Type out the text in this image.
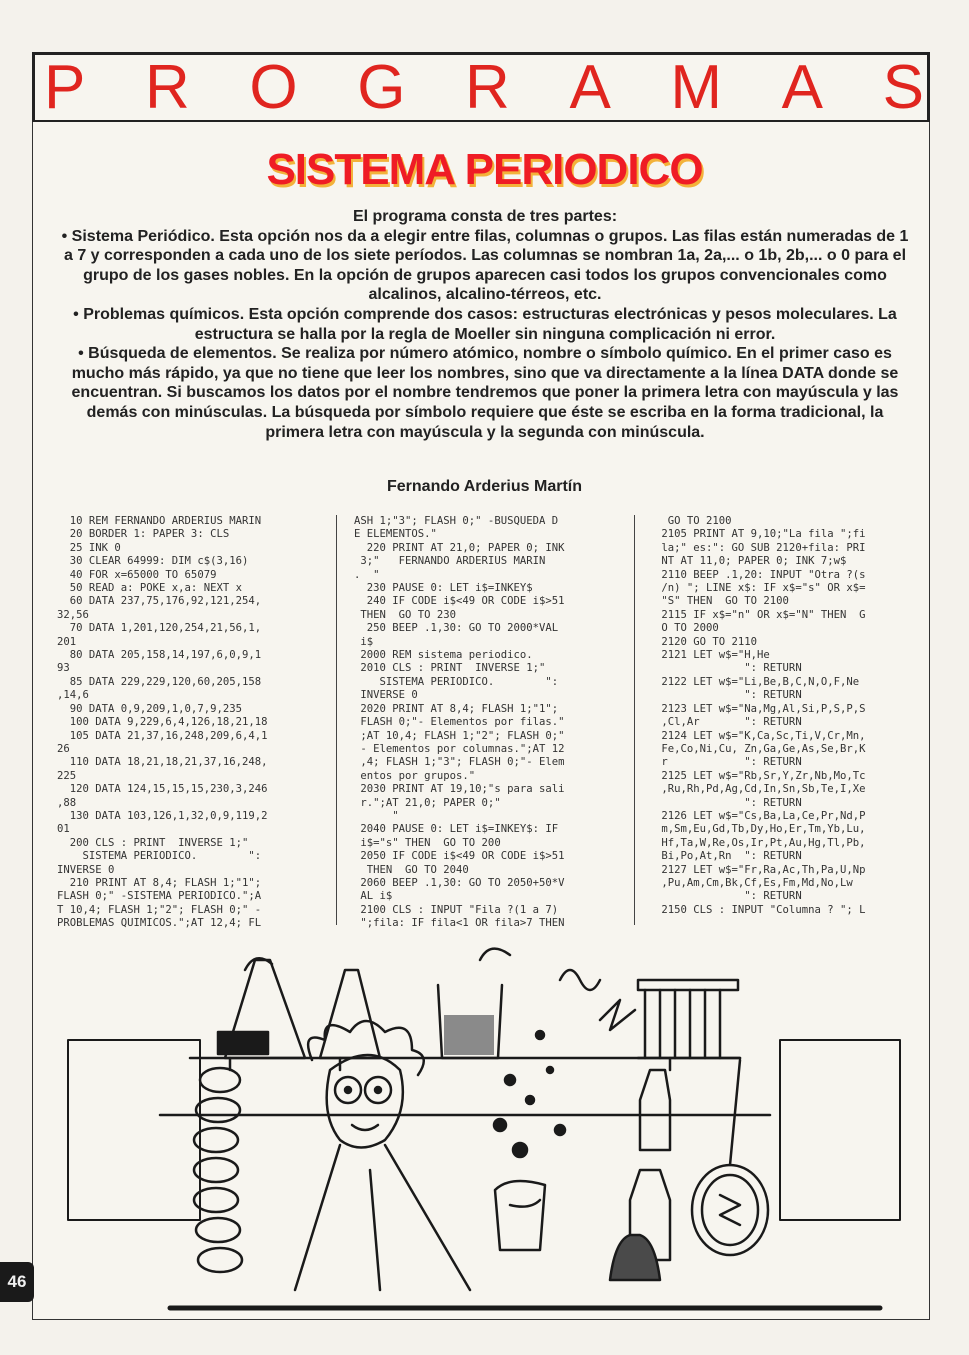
P R O G R A M A S
SISTEMA PERIODICO

El programa consta de tres partes:

• Sistema Periódico. Esta opción nos da a elegir entre filas, columnas o grupos. Las filas están numeradas de 1 a 7 y corresponden a cada uno de los siete períodos. Las columnas se nombran 1a, 2a,... o 1b, 2b,... o 0 para el grupo de los gases nobles. En la opción de grupos aparecen casi todos los grupos convencionales como alcalinos, alcalino-térreos, etc.

• Problemas químicos. Esta opción comprende dos casos: estructuras electrónicas y pesos moleculares. La estructura se halla por la regla de Moeller sin ninguna complicación ni error.

• Búsqueda de elementos. Se realiza por número atómico, nombre o símbolo químico. En el primer caso es mucho más rápido, ya que no tiene que leer los nombres, sino que va directamente a la línea DATA donde se encuentran. Si buscamos los datos por el nombre tendremos que poner la primera letra con mayúscula y las demás con minúsculas. La búsqueda por símbolo requiere que éste se escriba en la forma tradicional, la primera letra con mayúscula y la segunda con minúscula.

Fernando Arderius Martín
10 REM FERNANDO ARDERIUS MARIN
20 BORDER 1: PAPER 3: CLS
25 INK 0
30 CLEAR 64999: DIM c$(3,16)
40 FOR x=65000 TO 65079
50 READ a: POKE x,a: NEXT x
60 DATA 237,75,176,92,121,254,
32,56
70 DATA 1,201,120,254,21,56,1,
201
80 DATA 205,158,14,197,6,0,9,1
93
85 DATA 229,229,120,60,205,158
,14,6
90 DATA 0,9,209,1,0,7,9,235
100 DATA 9,229,6,4,126,18,21,18
105 DATA 21,37,16,248,209,6,4,1
26
110 DATA 18,21,18,21,37,16,248,
225
120 DATA 124,15,15,15,230,3,246
,88
130 DATA 103,126,1,32,0,9,119,2
01
200 CLS : PRINT  INVERSE 1;"
SISTEMA PERIODICO.        ":
INVERSE 0
210 PRINT AT 8,4; FLASH 1;"1";
FLASH 0;" -SISTEMA PERIODICO.";A
T 10,4; FLASH 1;"2"; FLASH 0;" -
PROBLEMAS QUIMICOS.";AT 12,4; FL
ASH 1;"3"; FLASH 0;" -BUSQUEDA D
E ELEMENTOS."
220 PRINT AT 21,0; PAPER 0; INK
3;"   FERNANDO ARDERIUS MARIN
.  "
230 PAUSE 0: LET i$=INKEY$
240 IF CODE i$<49 OR CODE i$>51
THEN  GO TO 230
250 BEEP .1,30: GO TO 2000*VAL
i$
2000 REM sistema periodico.
2010 CLS : PRINT  INVERSE 1;"
SISTEMA PERIODICO.        ":
INVERSE 0
2020 PRINT AT 8,4; FLASH 1;"1";
FLASH 0;"- Elementos por filas."
;AT 10,4; FLASH 1;"2"; FLASH 0;"
- Elementos por columnas.";AT 12
,4; FLASH 1;"3"; FLASH 0;"- Elem
entos por grupos."
2030 PRINT AT 19,10;"s para sali
r.";AT 21,0; PAPER 0;"
"
2040 PAUSE 0: LET i$=INKEY$: IF
i$="s" THEN  GO TO 200
2050 IF CODE i$<49 OR CODE i$>51
THEN  GO TO 2040
2060 BEEP .1,30: GO TO 2050+50*V
AL i$
2100 CLS : INPUT "Fila ?(1 a 7)
";fila: IF fila<1 OR fila>7 THEN
GO TO 2100
2105 PRINT AT 9,10;"La fila ";fi
la;" es:": GO SUB 2120+fila: PRI
NT AT 11,0; PAPER 0; INK 7;w$
2110 BEEP .1,20: INPUT "Otra ?(s
/n) "; LINE x$: IF x$="s" OR x$=
"S" THEN  GO TO 2100
2115 IF x$="n" OR x$="N" THEN  G
O TO 2000
2120 GO TO 2110
2121 LET w$="H,He
": RETURN
2122 LET w$="Li,Be,B,C,N,O,F,Ne
": RETURN
2123 LET w$="Na,Mg,Al,Si,P,S,P,S
,Cl,Ar       ": RETURN
2124 LET w$="K,Ca,Sc,Ti,V,Cr,Mn,
Fe,Co,Ni,Cu, Zn,Ga,Ge,As,Se,Br,K
r            ": RETURN
2125 LET w$="Rb,Sr,Y,Zr,Nb,Mo,Tc
,Ru,Rh,Pd,Ag,Cd,In,Sn,Sb,Te,I,Xe
": RETURN
2126 LET w$="Cs,Ba,La,Ce,Pr,Nd,P
m,Sm,Eu,Gd,Tb,Dy,Ho,Er,Tm,Yb,Lu,
Hf,Ta,W,Re,Os,Ir,Pt,Au,Hg,Tl,Pb,
Bi,Po,At,Rn  ": RETURN
2127 LET w$="Fr,Ra,Ac,Th,Pa,U,Np
,Pu,Am,Cm,Bk,Cf,Es,Fm,Md,No,Lw
": RETURN
2150 CLS : INPUT "Columna ? "; L
46
